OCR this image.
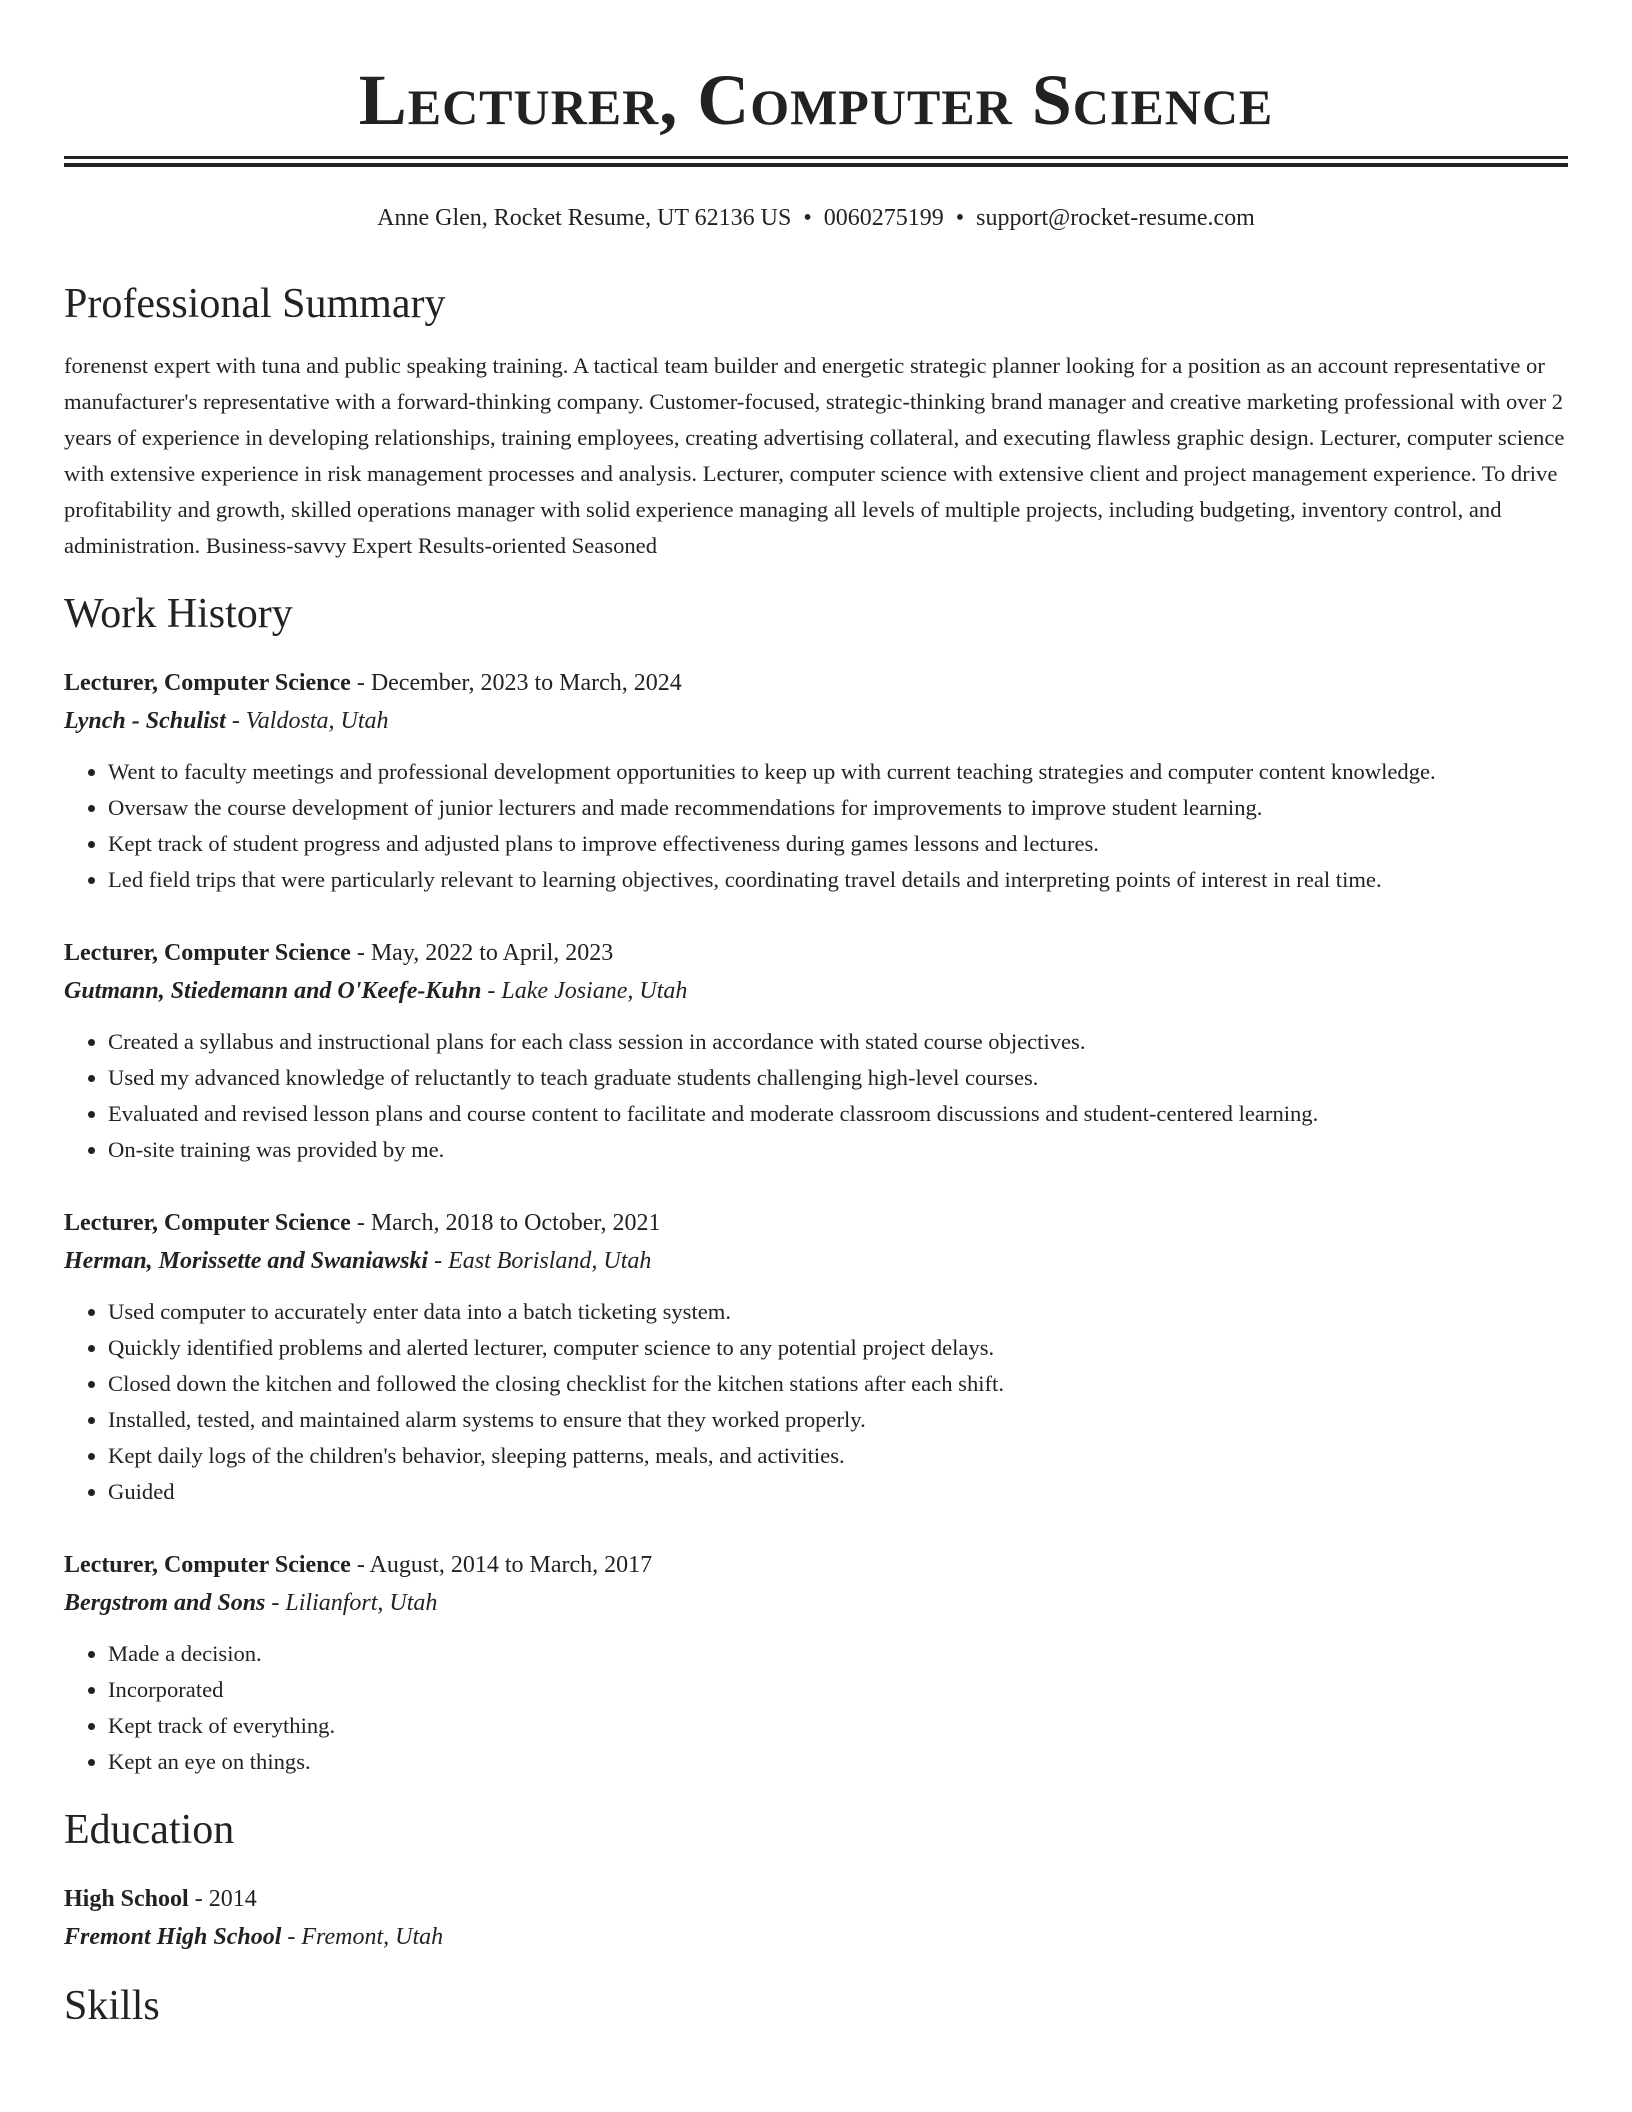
Lecturer, Computer Science
Anne Glen, Rocket Resume, UT 62136 US • 0060275199 • support@rocket-resume.com
Professional Summary

forenenst expert with tuna and public speaking training. A tactical team builder and energetic strategic planner looking for a position as an account representative or manufacturer's representative with a forward-thinking company. Customer-focused, strategic-thinking brand manager and creative marketing professional with over 2 years of experience in developing relationships, training employees, creating advertising collateral, and executing flawless graphic design. Lecturer, computer science with extensive experience in risk management processes and analysis. Lecturer, computer science with extensive client and project management experience. To drive profitability and growth, skilled operations manager with solid experience managing all levels of multiple projects, including budgeting, inventory control, and administration. Business-savvy Expert Results-oriented Seasoned

Work History
Lecturer, Computer Science - December, 2023 to March, 2024
Lynch - Schulist - Valdosta, Utah
• Went to faculty meetings and professional development opportunities to keep up with current teaching strategies and computer content knowledge.
• Oversaw the course development of junior lecturers and made recommendations for improvements to improve student learning.
• Kept track of student progress and adjusted plans to improve effectiveness during games lessons and lectures.
• Led field trips that were particularly relevant to learning objectives, coordinating travel details and interpreting points of interest in real time.
Lecturer, Computer Science - May, 2022 to April, 2023
Gutmann, Stiedemann and O'Keefe-Kuhn - Lake Josiane, Utah
• Created a syllabus and instructional plans for each class session in accordance with stated course objectives.
• Used my advanced knowledge of reluctantly to teach graduate students challenging high-level courses.
• Evaluated and revised lesson plans and course content to facilitate and moderate classroom discussions and student-centered learning.
• On-site training was provided by me.
Lecturer, Computer Science - March, 2018 to October, 2021
Herman, Morissette and Swaniawski - East Borisland, Utah
• Used computer to accurately enter data into a batch ticketing system.
• Quickly identified problems and alerted lecturer, computer science to any potential project delays.
• Closed down the kitchen and followed the closing checklist for the kitchen stations after each shift.
• Installed, tested, and maintained alarm systems to ensure that they worked properly.
• Kept daily logs of the children's behavior, sleeping patterns, meals, and activities.
• Guided
Lecturer, Computer Science - August, 2014 to March, 2017
Bergstrom and Sons - Lilianfort, Utah
• Made a decision.
• Incorporated
• Kept track of everything.
• Kept an eye on things.
Education
High School - 2014
Fremont High School - Fremont, Utah
Skills
